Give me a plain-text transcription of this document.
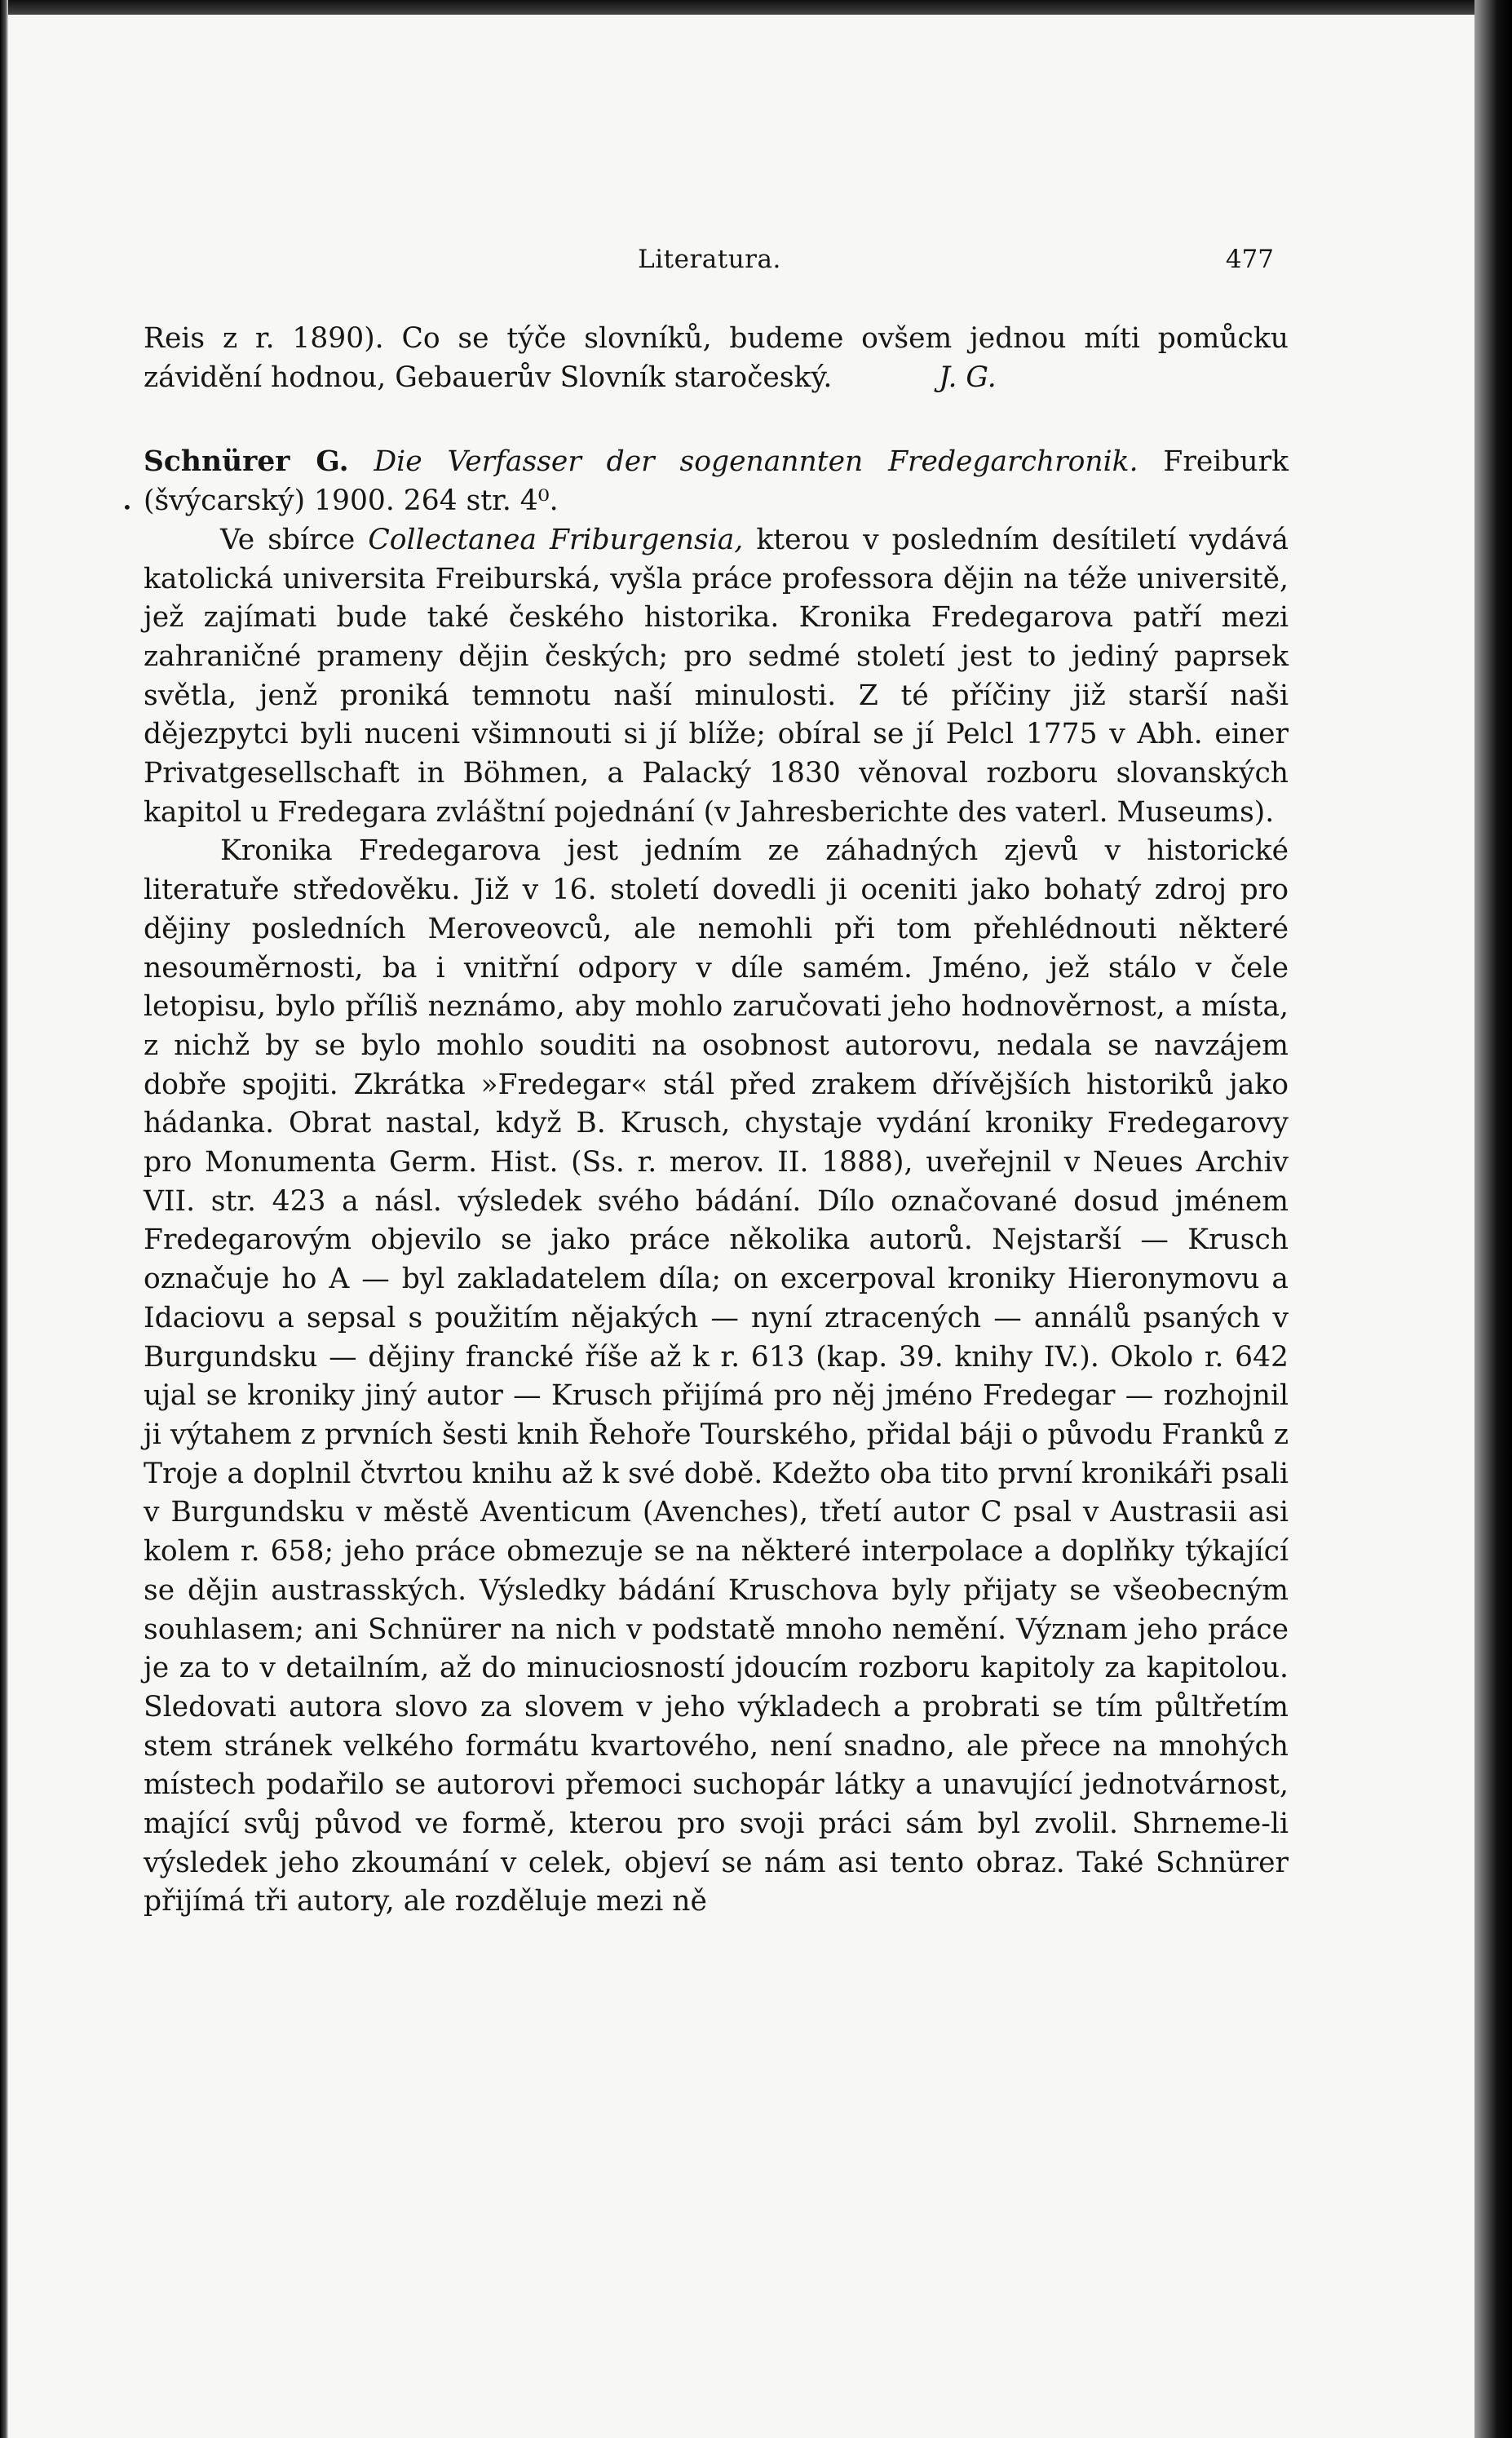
Literatura.	477
•

Reis z r. 1890). Co se týče slovníků, budeme ovšem jednou míti pomůcku závidění hodnou, Gebauerův Slovník staročeský.	J. G.

Schnürer G. Die Verfasser der sogenannten Fredegarchronik. Freiburk (švýcarský) 1900. 264 str. 4⁰.

Ve sbírce Collectanea Friburgensia, kterou v posledním desítiletí vydává katolická universita Freiburská, vyšla práce professora dějin na téže universitě, jež zajímati bude také českého historika. Kronika Fredegarova patří mezi zahraničné prameny dějin českých; pro sedmé století jest to jediný paprsek světla, jenž proniká temnotu naší minulosti. Z té příčiny již starší naši dějezpytci byli nuceni všimnouti si jí blíže; obíral se jí Pelcl 1775 v Abh. einer Privatgesellschaft in Böhmen, a Palacký 1830 věnoval rozboru slovanských kapitol u Fredegara zvláštní pojednání (v Jahresberichte des vaterl. Museums).

Kronika Fredegarova jest jedním ze záhadných zjevů v historické literatuře středověku. Již v 16. století dovedli ji oceniti jako bohatý zdroj pro dějiny posledních Meroveovců, ale nemohli při tom přehlédnouti některé nesouměrnosti, ba i vnitřní odpory v díle samém. Jméno, jež stálo v čele letopisu, bylo příliš neznámo, aby mohlo zaručovati jeho hodnověrnost, a místa, z nichž by se bylo mohlo souditi na osobnost autorovu, nedala se navzájem dobře spojiti. Zkrátka »Fredegar« stál před zrakem dřívějších historiků jako hádanka. Obrat nastal, když B. Krusch, chystaje vydání kroniky Fredegarovy pro Monumenta Germ. Hist. (Ss. r. merov. II. 1888), uveřejnil v Neues Archiv VII. str. 423 a násl. výsledek svého bádání. Dílo označované dosud jménem Fredegarovým objevilo se jako práce několika autorů. Nejstarší — Krusch označuje ho A — byl zakladatelem díla; on excerpoval kroniky Hieronymovu a Idaciovu a sepsal s použitím nějakých — nyní ztracených — annálů psaných v Burgundsku — dějiny francké říše až k r. 613 (kap. 39. knihy IV.). Okolo r. 642 ujal se kroniky jiný autor — Krusch přijímá pro něj jméno Fredegar — rozhojnil ji výtahem z prvních šesti knih Řehoře Tourského, přidal báji o původu Franků z Troje a doplnil čtvrtou knihu až k své době. Kdežto oba tito první kronikáři psali v Burgundsku v městě Aventicum (Avenches), třetí autor C psal v Austrasii asi kolem r. 658; jeho práce obmezuje se na některé interpolace a doplňky týkající se dějin austrasských. Výsledky bádání Kruschova byly přijaty se všeobecným souhlasem; ani Schnürer na nich v podstatě mnoho nemění. Význam jeho práce je za to v detailním, až do minuciosností jdoucím rozboru kapitoly za kapitolou. Sledovati autora slovo za slovem v jeho výkladech a probrati se tím půltřetím stem stránek velkého formátu kvartového, není snadno, ale přece na mnohých místech podařilo se autorovi přemoci suchopár látky a unavující jednotvárnost, mající svůj původ ve formě, kterou pro svoji práci sám byl zvolil. Shrneme-li výsledek jeho zkoumání v celek, objeví se nám asi tento obraz. Také Schnürer přijímá tři autory, ale rozděluje mezi ně
